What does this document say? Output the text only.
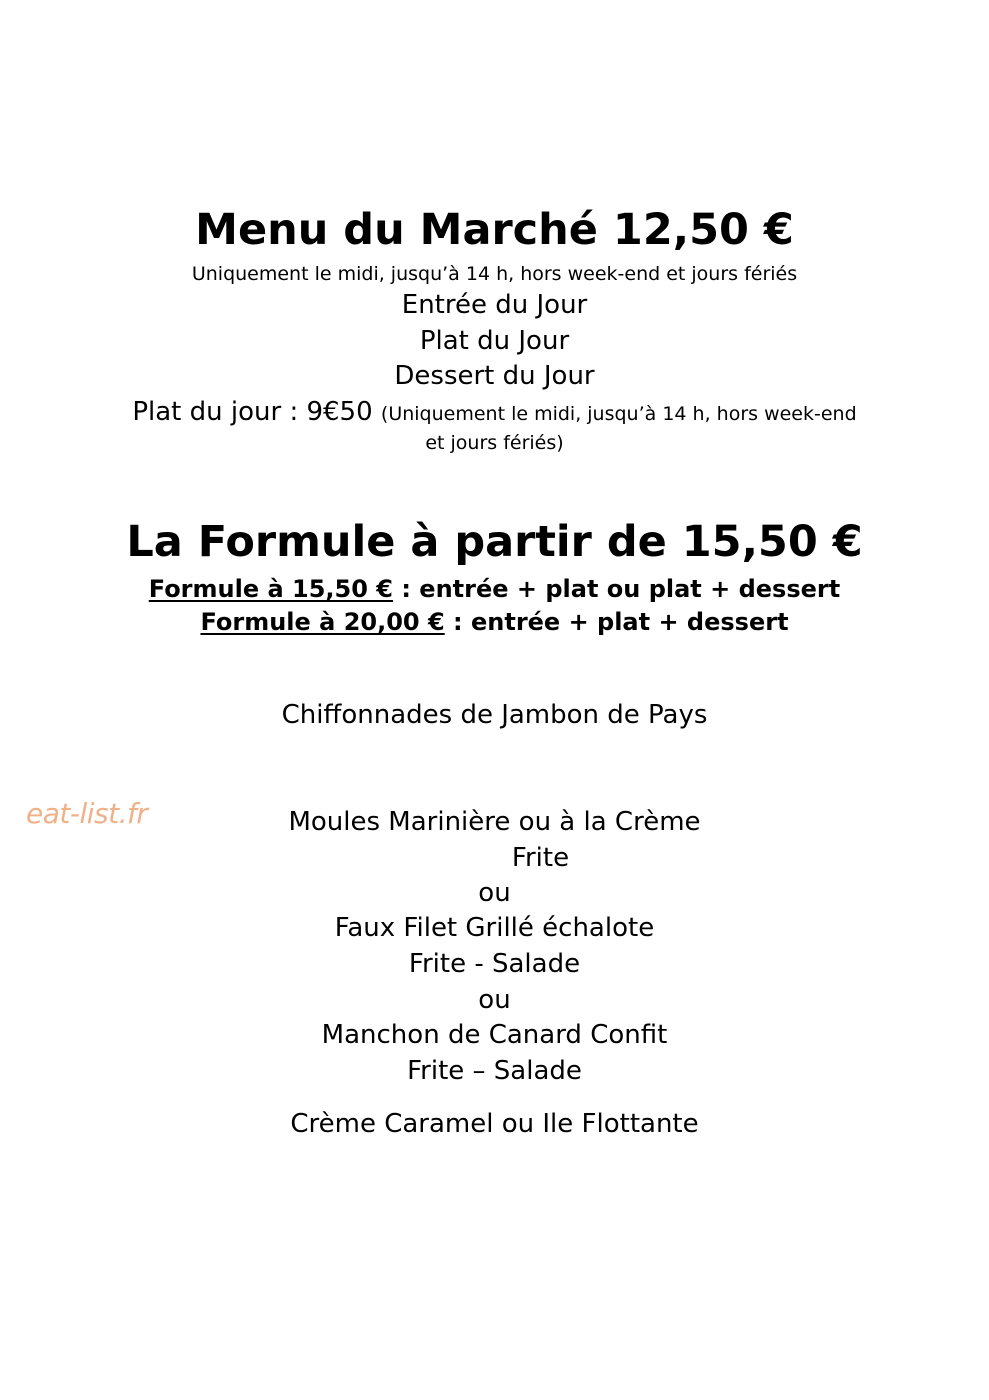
Menu du Marché 12,50 €
Uniquement le midi, jusqu’à 14 h, hors week-end et jours fériés
Entrée du Jour
Plat du Jour
Dessert du Jour
Plat du jour : 9€50 (Uniquement le midi, jusqu’à 14 h, hors week-end
et jours fériés)
La Formule à partir de 15,50 €
Formule à 15,50 € : entrée + plat ou plat + dessert
Formule à 20,00 € : entrée + plat + dessert
Chiffonnades de Jambon de Pays
Moules Marinière ou à la Crème
Frite
ou
Faux Filet Grillé échalote
Frite - Salade
ou
Manchon de Canard Confit
Frite – Salade
Crème Caramel ou Ile Flottante
eat-list.fr
